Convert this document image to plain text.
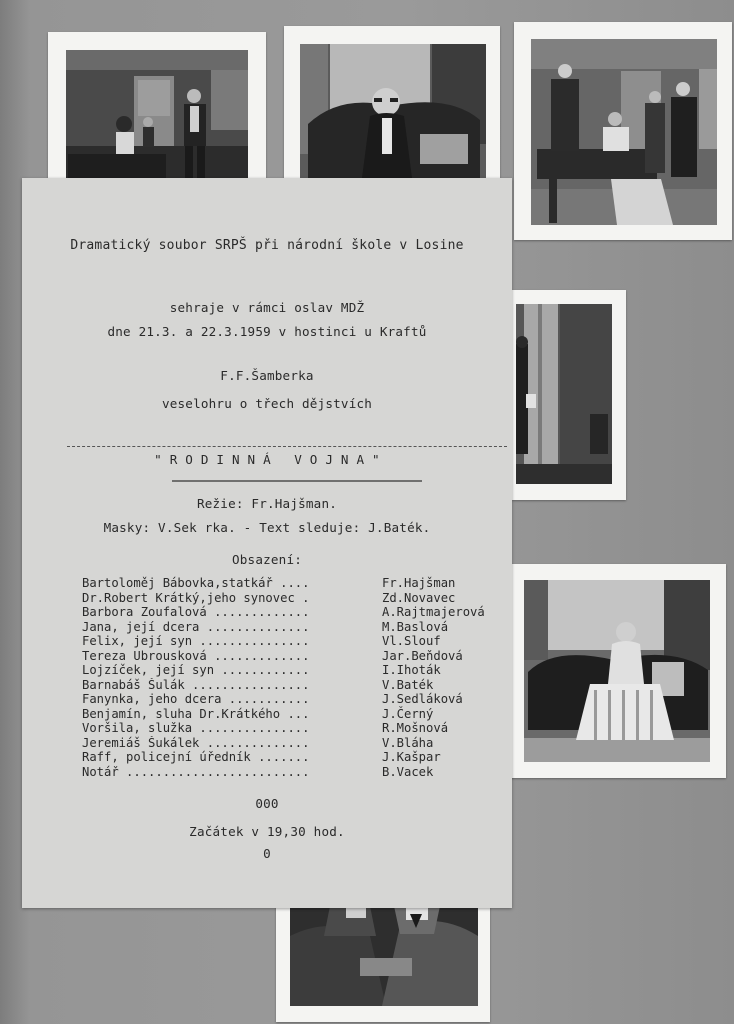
Dramatický soubor SRPŠ při národní škole v Losine
sehraje v rámci oslav MDŽ
dne 21.3. a 22.3.1959 v hostinci u Kraftů
F.F.Šamberka
veselohru o třech dějstvích
" R O D I N N Á   V O J N A "
Režie: Fr.Hajšman.
Masky: V.Sek rka. - Text sleduje: J.Baték.
Obsazení:
Bartoloměj Bábovka,statkář ....	Fr.Hajšman
Dr.Robert Krátký,jeho synovec .	Zd.Novavec
Barbora Zoufalová .............	A.Rajtmajerová
Jana, její dcera ..............	M.Baslová
Felix, její syn ...............	Vl.Slouf
Tereza Ubrousková .............	Jar.Beňdová
Lojzíček, její syn ............	I.Ihoták
Barnabáš Šulák ................	V.Baték
Fanynka, jeho dcera ...........	J.Sedláková
Benjamín, sluha Dr.Krátkého ...	J.Černý
Voršila, služka ...............	R.Mošnová
Jeremiáš Šukálek ..............	V.Bláha
Raff, policejní úředník .......	J.Kašpar
Notář .........................	B.Vacek
000
Začátek v 19,30 hod.
0
